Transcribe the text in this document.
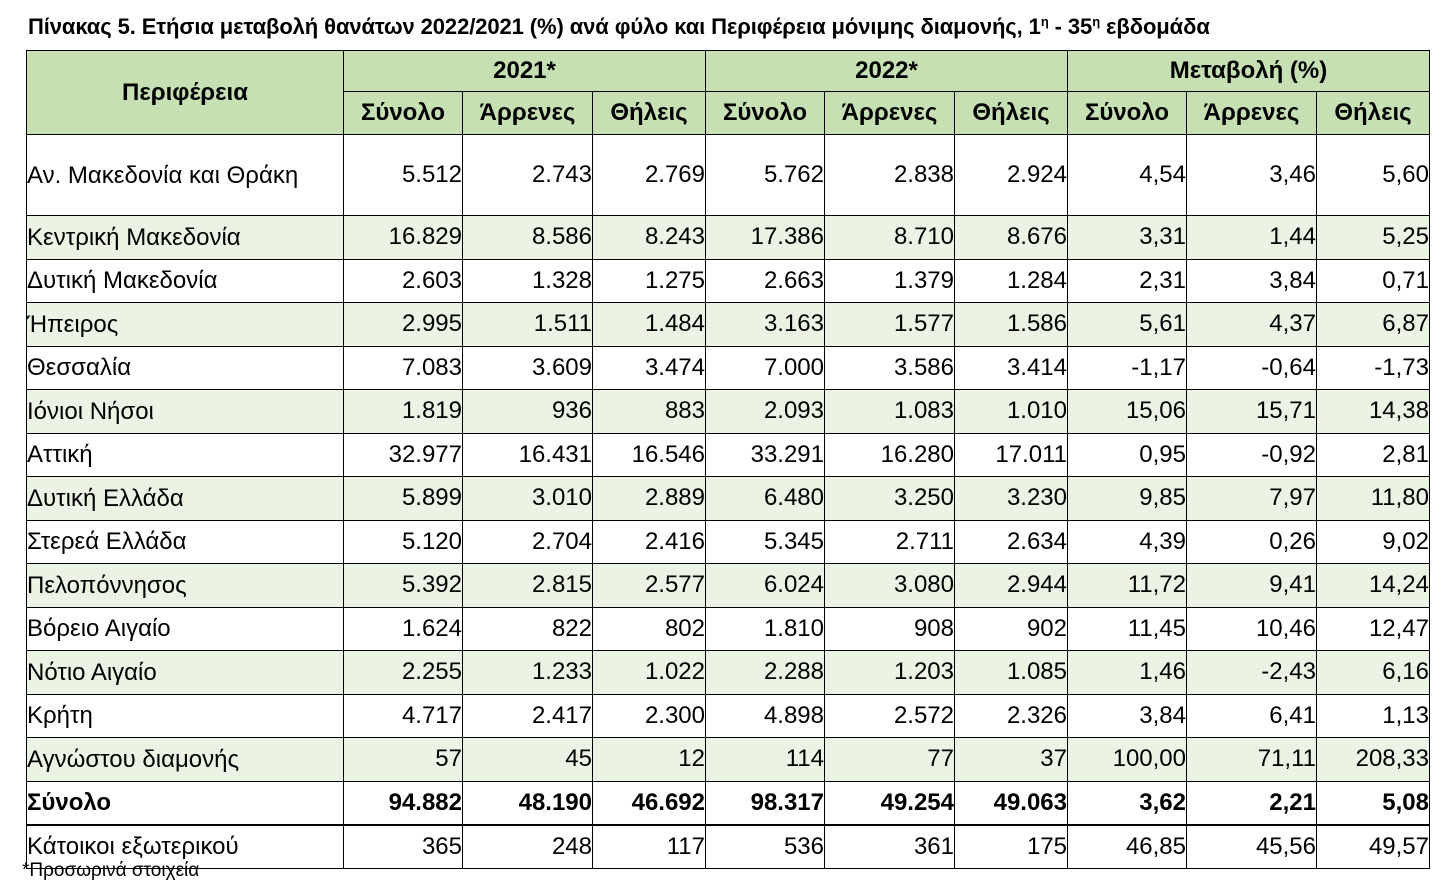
Πίνακας 5. Ετήσια μεταβολή θανάτων 2022/2021 (%) ανά φύλο και Περιφέρεια μόνιμης διαμονής, $1^\eta - 35^\eta$ εβδομάδα
Περιφέρεια	2021*			2022*			Μεταβολή (%)		
	Σύνολο	Άρρενες	Θήλεις	Σύνολο	Άρρενες	Θήλεις	Σύνολο	Άρρενες	Θήλεις
Αν. Μακεδονία και Θράκη	5.512	2.743	2.769	5.762	2.838	2.924	4,54	3,46	5,60
Κεντρική Μακεδονία	16.829	8.586	8.243	17.386	8.710	8.676	3,31	1,44	5,25
Δυτική Μακεδονία	2.603	1.328	1.275	2.663	1.379	1.284	2,31	3,84	0,71
Ήπειρος	2.995	1.511	1.484	3.163	1.577	1.586	5,61	4,37	6,87
Θεσσαλία	7.083	3.609	3.474	7.000	3.586	3.414	-1,17	-0,64	-1,73
Ιόνιοι Νήσοι	1.819	936	883	2.093	1.083	1.010	15,06	15,71	14,38
Αττική	32.977	16.431	16.546	33.291	16.280	17.011	0,95	-0,92	2,81
Δυτική Ελλάδα	5.899	3.010	2.889	6.480	3.250	3.230	9,85	7,97	11,80
Στερεά Ελλάδα	5.120	2.704	2.416	5.345	2.711	2.634	4,39	0,26	9,02
Πελοπόννησος	5.392	2.815	2.577	6.024	3.080	2.944	11,72	9,41	14,24
Βόρειο Αιγαίο	1.624	822	802	1.810	908	902	11,45	10,46	12,47
Νότιο Αιγαίο	2.255	1.233	1.022	2.288	1.203	1.085	1,46	-2,43	6,16
Κρήτη	4.717	2.417	2.300	4.898	2.572	2.326	3,84	6,41	1,13
Αγνώστου διαμονής	57	45	12	114	77	37	100,00	71,11	208,33
Σύνολο	94.882	48.190	46.692	98.317	49.254	49.063	3,62	2,21	5,08
Κάτοικοι εξωτερικού	365	248	117	536	361	175	46,85	45,56	49,57
*Προσωρινά στοιχεία
